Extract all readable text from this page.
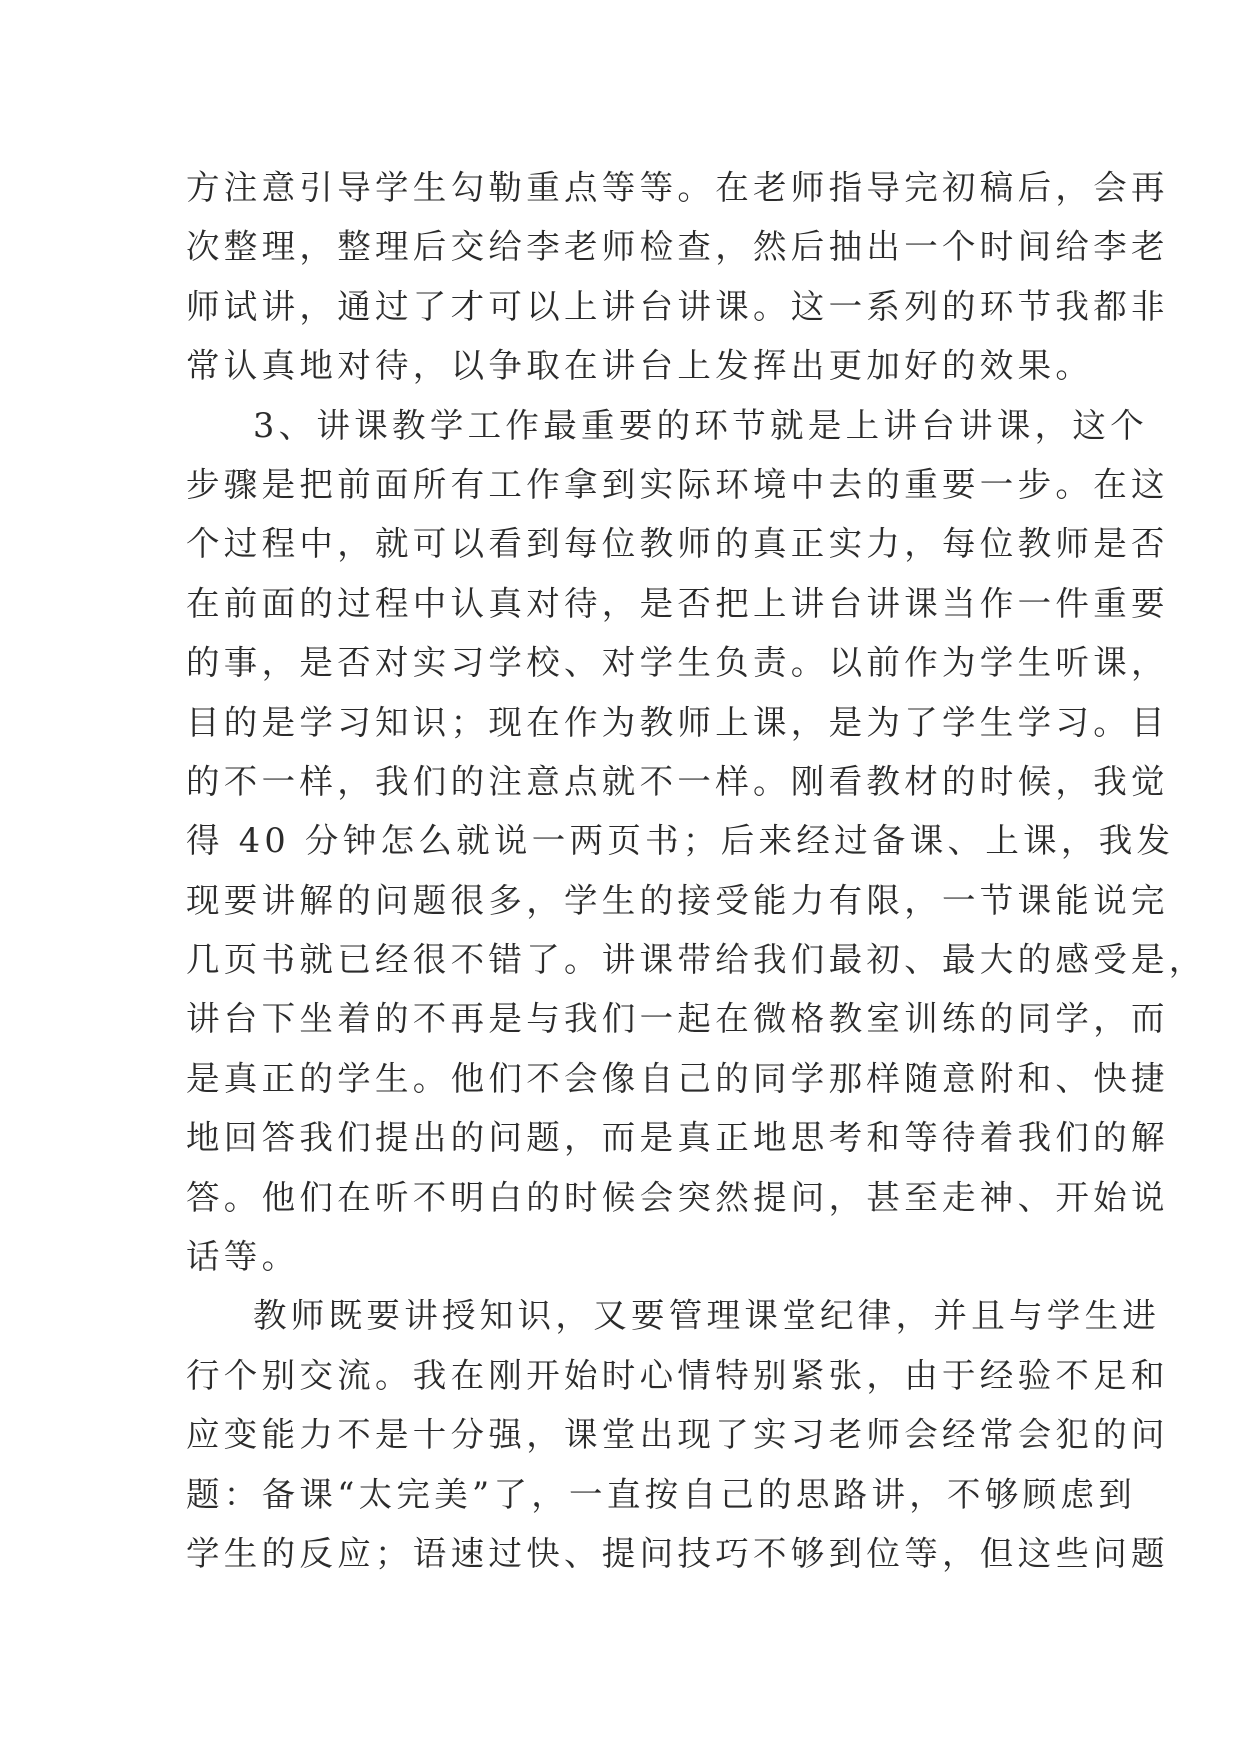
方注意引导学生勾勒重点等等。在老师指导完初稿后，会再
次整理，整理后交给李老师检查，然后抽出一个时间给李老
师试讲，通过了才可以上讲台讲课。这一系列的环节我都非
常认真地对待，以争取在讲台上发挥出更加好的效果。
3、讲课教学工作最重要的环节就是上讲台讲课，这个
步骤是把前面所有工作拿到实际环境中去的重要一步。在这
个过程中，就可以看到每位教师的真正实力，每位教师是否
在前面的过程中认真对待，是否把上讲台讲课当作一件重要
的事，是否对实习学校、对学生负责。以前作为学生听课，
目的是学习知识；现在作为教师上课，是为了学生学习。目
的不一样，我们的注意点就不一样。刚看教材的时候，我觉
得 40 分钟怎么就说一两页书；后来经过备课、上课，我发
现要讲解的问题很多，学生的接受能力有限，一节课能说完
几页书就已经很不错了。讲课带给我们最初、最大的感受是，
讲台下坐着的不再是与我们一起在微格教室训练的同学，而
是真正的学生。他们不会像自己的同学那样随意附和、快捷
地回答我们提出的问题，而是真正地思考和等待着我们的解
答。他们在听不明白的时候会突然提问，甚至走神、开始说
话等。
教师既要讲授知识，又要管理课堂纪律，并且与学生进
行个别交流。我在刚开始时心情特别紧张，由于经验不足和
应变能力不是十分强，课堂出现了实习老师会经常会犯的问
题：备课“太完美”了，一直按自己的思路讲，不够顾虑到
学生的反应；语速过快、提问技巧不够到位等，但这些问题
